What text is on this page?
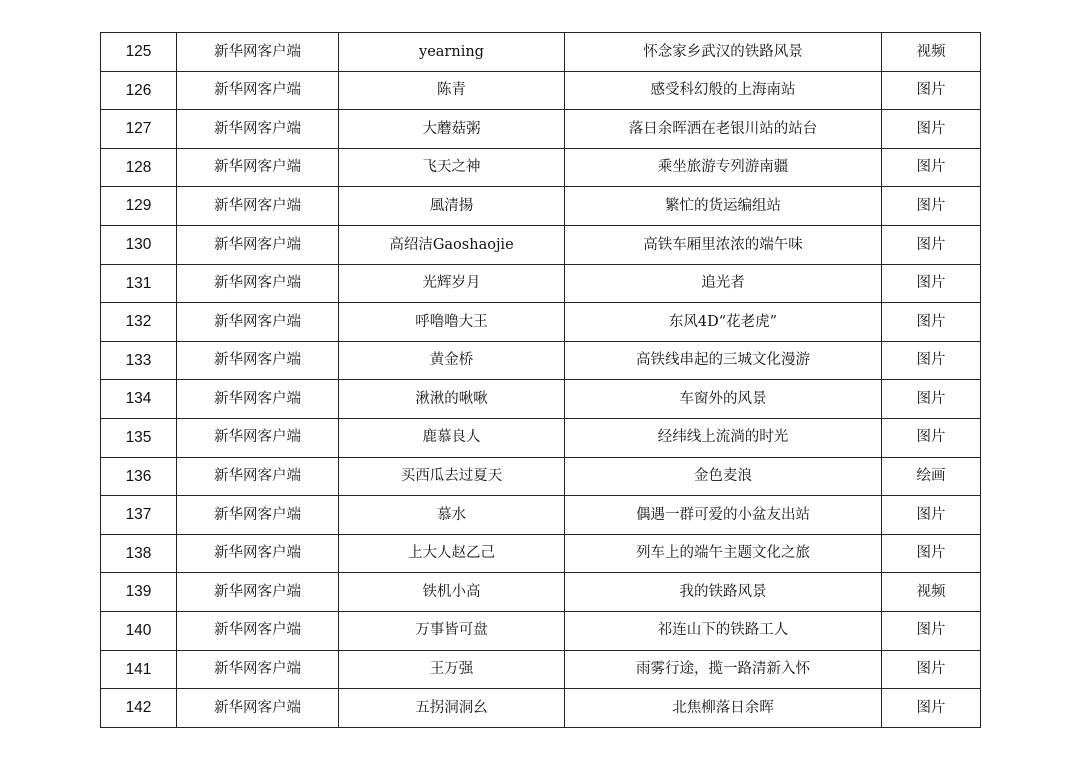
125	新华网客户端	yearning	怀念家乡武汉的铁路风景	视频
126	新华网客户端	陈青	感受科幻般的上海南站	图片
127	新华网客户端	大蘑菇粥	落日余晖洒在老银川站的站台	图片
128	新华网客户端	飞天之神	乘坐旅游专列游南疆	图片
129	新华网客户端	風清揚	繁忙的货运编组站	图片
130	新华网客户端	高绍洁Gaoshaojie	高铁车厢里浓浓的端午味	图片
131	新华网客户端	光辉岁月	追光者	图片
132	新华网客户端	呼噜噜大王	东风4D“花老虎”	图片
133	新华网客户端	黄金桥	高铁线串起的三城文化漫游	图片
134	新华网客户端	湫湫的啾啾	车窗外的风景	图片
135	新华网客户端	鹿慕良人	经纬线上流淌的时光	图片
136	新华网客户端	买西瓜去过夏天	金色麦浪	绘画
137	新华网客户端	慕水	偶遇一群可爱的小盆友出站	图片
138	新华网客户端	上大人赵乙己	列车上的端午主题文化之旅	图片
139	新华网客户端	铁机小高	我的铁路风景	视频
140	新华网客户端	万事皆可盘	祁连山下的铁路工人	图片
141	新华网客户端	王万强	雨雾行途，揽一路清新入怀	图片
142	新华网客户端	五拐洞洞幺	北焦柳落日余晖	图片
